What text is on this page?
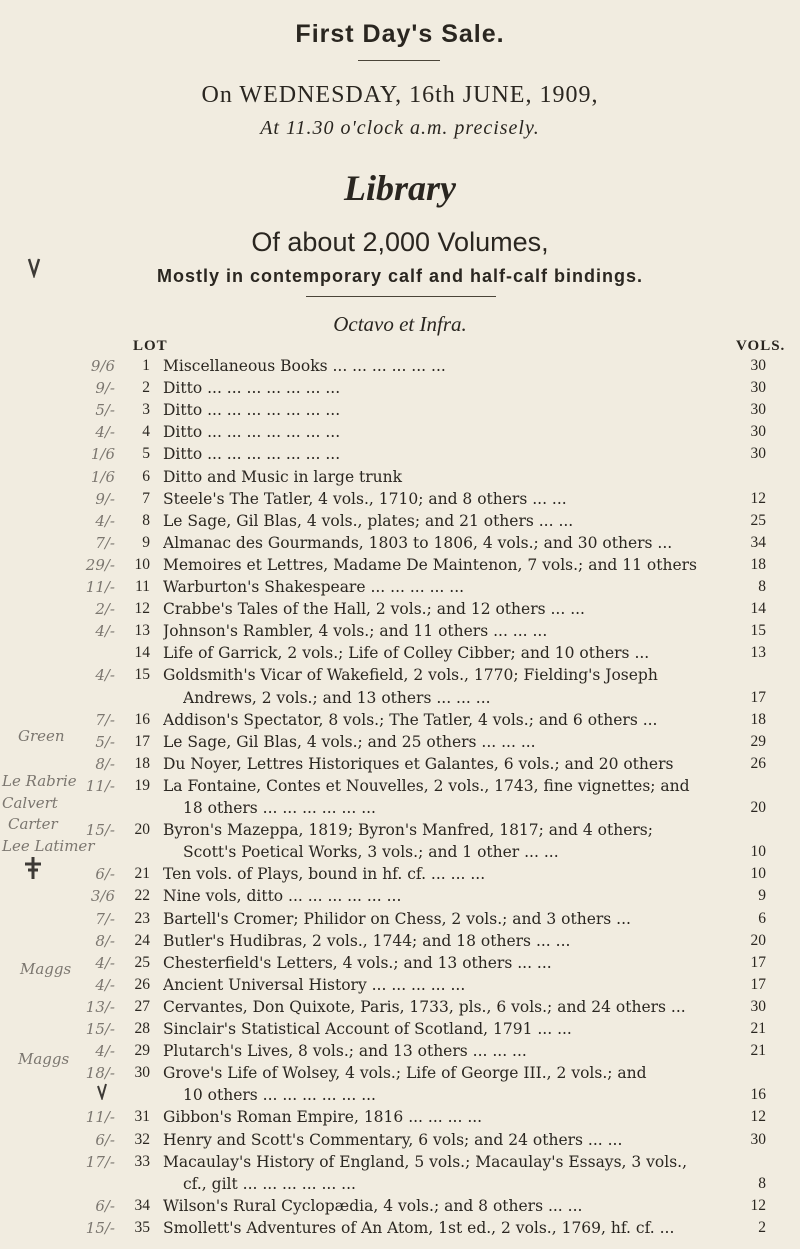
First Day's Sale.
On WEDNESDAY, 16th JUNE, 1909,
At 11.30 o'clock a.m. precisely.
Library
Of about 2,000 Volumes,
Mostly in contemporary calf and half-calf bindings.
Octavo et Infra.
LOT	VOLS.
9/6	1 Miscellaneous Books ... ... ... ... ... ...	30
9/-	2 Ditto ... ... ... ... ... ... ...	30
5/-	3 Ditto ... ... ... ... ... ... ...	30
4/-	4 Ditto ... ... ... ... ... ... ...	30
1/6	5 Ditto ... ... ... ... ... ... ...	30
1/6	6 Ditto and Music in large trunk
9/-	7 Steele's The Tatler, 4 vols., 1710; and 8 others ... ...	12
4/-	8 Le Sage, Gil Blas, 4 vols., plates; and 21 others ... ...	25
7/-	9 Almanac des Gourmands, 1803 to 1806, 4 vols.; and 30 others ...	34
29/-	10 Memoires et Lettres, Madame De Maintenon, 7 vols.; and 11 others	18
11/-	11 Warburton's Shakespeare ... ... ... ... ...	8
2/-	12 Crabbe's Tales of the Hall, 2 vols.; and 12 others ... ...	14
4/-	13 Johnson's Rambler, 4 vols.; and 11 others ... ... ...	15
14 Life of Garrick, 2 vols.; Life of Colley Cibber; and 10 others ...	13
4/-	15 Goldsmith's Vicar of Wakefield, 2 vols., 1770; Fielding's Joseph
Andrews, 2 vols.; and 13 others ... ... ...	17
7/-	16 Addison's Spectator, 8 vols.; The Tatler, 4 vols.; and 6 others ...	18
5/-	17 Le Sage, Gil Blas, 4 vols.; and 25 others ... ... ...	29
8/-	18 Du Noyer, Lettres Historiques et Galantes, 6 vols.; and 20 others	26
11/-	19 La Fontaine, Contes et Nouvelles, 2 vols., 1743, fine vignettes; and
18 others ... ... ... ... ... ...	20
15/-	20 Byron's Mazeppa, 1819; Byron's Manfred, 1817; and 4 others;
Scott's Poetical Works, 3 vols.; and 1 other ... ...	10
6/-	21 Ten vols. of Plays, bound in hf. cf. ... ... ...	10
3/6	22 Nine vols, ditto ... ... ... ... ... ...	9
7/-	23 Bartell's Cromer; Philidor on Chess, 2 vols.; and 3 others ...	6
8/-	24 Butler's Hudibras, 2 vols., 1744; and 18 others ... ...	20
4/-	25 Chesterfield's Letters, 4 vols.; and 13 others ... ...	17
4/-	26 Ancient Universal History ... ... ... ... ...	17
13/-	27 Cervantes, Don Quixote, Paris, 1733, pls., 6 vols.; and 24 others ...	30
15/-	28 Sinclair's Statistical Account of Scotland, 1791 ... ...	21
4/-	29 Plutarch's Lives, 8 vols.; and 13 others ... ... ...	21
18/-	30 Grove's Life of Wolsey, 4 vols.; Life of George III., 2 vols.; and
10 others ... ... ... ... ... ...	16
11/-	31 Gibbon's Roman Empire, 1816 ... ... ... ...	12
6/-	32 Henry and Scott's Commentary, 6 vols; and 24 others ... ...	30
17/-	33 Macaulay's History of England, 5 vols.; Macaulay's Essays, 3 vols.,
cf., gilt ... ... ... ... ... ...	8
6/-	34 Wilson's Rural Cyclopædia, 4 vols.; and 8 others ... ...	12
15/-	35 Smollett's Adventures of An Atom, 1st ed., 2 vols., 1769, hf. cf. ...	2
Green
Le Rabrie
Calvert
Carter
Lee Latimer
Maggs
Maggs
